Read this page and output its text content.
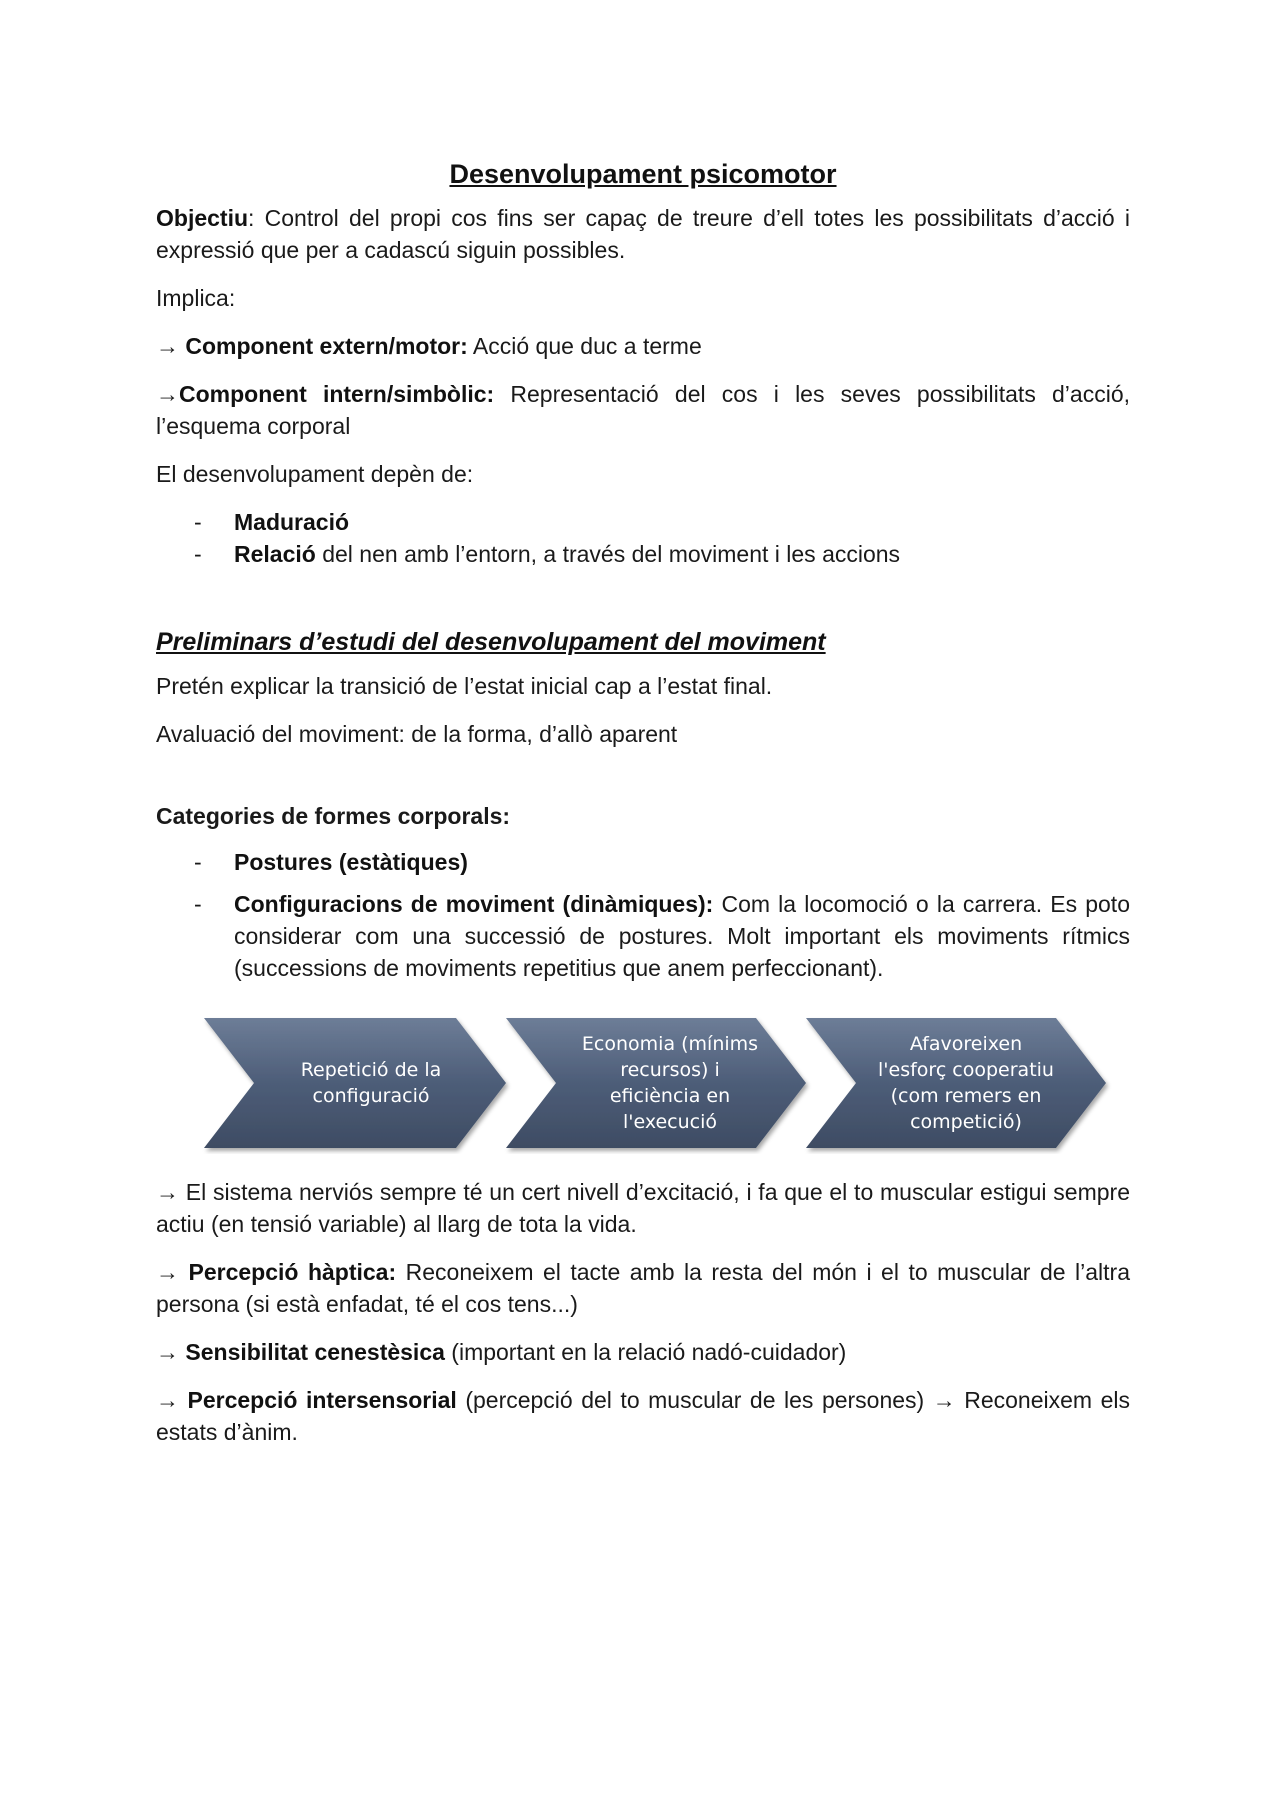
Desenvolupament psicomotor

Objectiu: Control del propi cos fins ser capaç de treure d’ell totes les possibilitats d’acció i expressió que per a cadascú siguin possibles.

Implica:

→ Component extern/motor: Acció que duc a terme

→Component intern/simbòlic: Representació del cos i les seves possibilitats d’acció, l’esquema corporal

El desenvolupament depèn de:

- Maduració
- Relació del nen amb l’entorn, a través del moviment i les accions
Preliminars d’estudi del desenvolupament del moviment

Pretén explicar la transició de l’estat inicial cap a l’estat final.

Avaluació del moviment: de la forma, d’allò aparent

Categories de formes corporals:
- Postures (estàtiques)
- Configuracions de moviment (dinàmiques): Com la locomoció o la carrera. Es poto considerar com una successió de postures. Molt important els moviments rítmics (successions de moviments repetitius que anem perfeccionant).
Repetició de la
configuració
Economia (mínims
recursos) i
eficiència en
l'execució
Afavoreixen
l'esforç cooperatiu
(com remers en
competició)

→ El sistema nerviós sempre té un cert nivell d’excitació, i fa que el to muscular estigui sempre actiu (en tensió variable) al llarg de tota la vida.

→ Percepció hàptica: Reconeixem el tacte amb la resta del món i el to muscular de l’altra persona (si està enfadat, té el cos tens...)

→ Sensibilitat cenestèsica (important en la relació nadó-cuidador)

→ Percepció intersensorial (percepció del to muscular de les persones) → Reconeixem els estats d’ànim.
